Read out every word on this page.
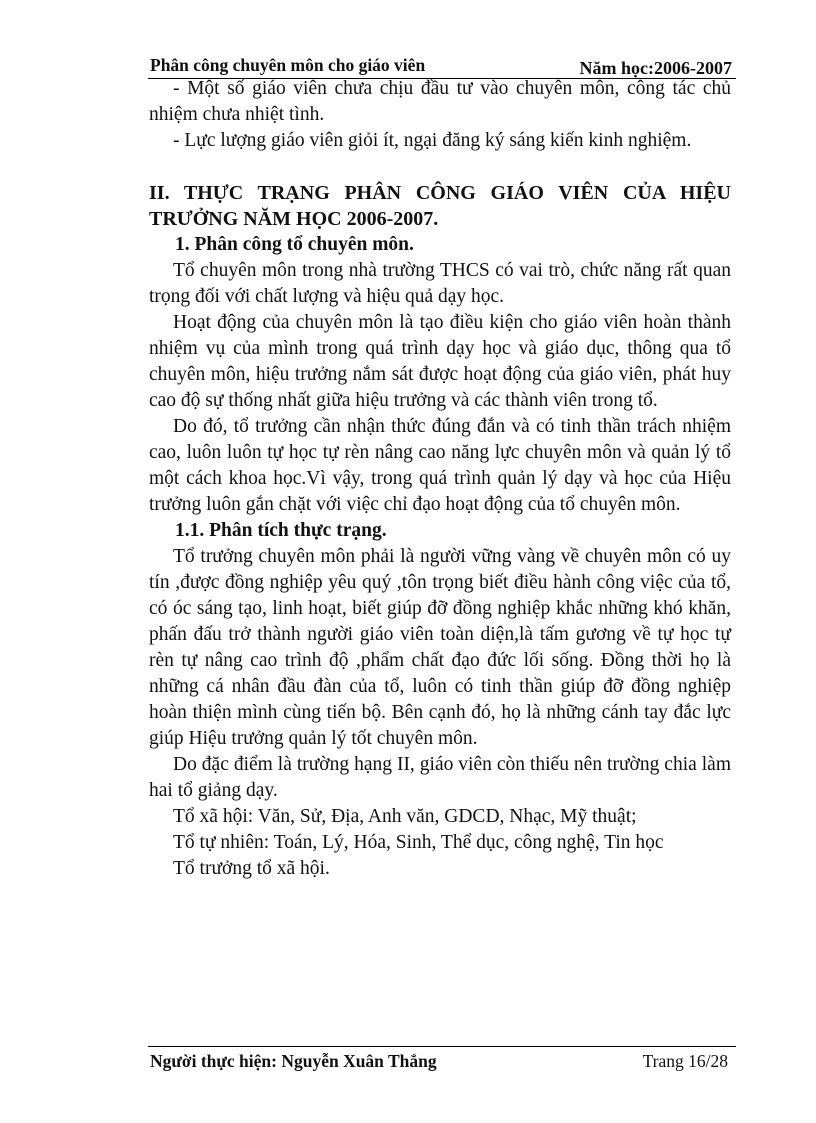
Phân công chuyên môn cho giáo viên	Năm học:2006-2007

- Một số giáo viên chưa chịu đầu tư vào chuyên môn, công tác chủ nhiệm chưa nhiệt tình.

- Lực lượng giáo viên giỏi ít, ngại đăng ký sáng kiến kinh nghiệm.

II. THỰC TRẠNG PHÂN CÔNG GIÁO VIÊN CỦA HIỆU TRƯỞNG NĂM HỌC 2006-2007.

1. Phân công tổ chuyên môn.

Tổ chuyên môn trong nhà trường THCS có vai trò, chức năng rất quan trọng đối với chất lượng và hiệu quả dạy học.

Hoạt động của chuyên môn là tạo điều kiện cho giáo viên hoàn thành nhiệm vụ của mình trong quá trình dạy học và giáo dục, thông qua tổ chuyên môn, hiệu trưởng nắm sát được hoạt động của giáo viên, phát huy cao độ sự thống nhất giữa hiệu trưởng và các thành viên trong tổ.

Do đó, tổ trưởng cần nhận thức đúng đắn và có tinh thần trách nhiệm cao, luôn luôn tự học tự rèn nâng cao năng lực chuyên môn và quản lý tổ một cách khoa học.Vì vậy, trong quá trình quản lý dạy và học của Hiệu trưởng luôn gắn chặt với việc chỉ đạo hoạt động của tổ chuyên môn.

1.1. Phân tích thực trạng.

Tổ trưởng chuyên môn phải là người vững vàng về chuyên môn có uy tín ,được đồng nghiệp yêu quý ,tôn trọng biết điều hành công việc của tổ, có óc sáng tạo, linh hoạt, biết giúp đỡ đồng nghiệp khắc những khó khăn, phấn đấu trở thành người giáo viên toàn diện,là tấm gương về tự học tự rèn tự nâng cao trình độ ,phẩm chất đạo đức lối sống. Đồng thời họ là những cá nhân đầu đàn của tổ, luôn có tinh thần giúp đỡ đồng nghiệp hoàn thiện mình cùng tiến bộ. Bên cạnh đó, họ là những cánh tay đắc lực giúp Hiệu trưởng quản lý tốt chuyên môn.

Do đặc điểm là trường hạng II, giáo viên còn thiếu nên trường chia làm hai tổ giảng dạy.

Tổ xã hội: Văn, Sử, Địa, Anh văn, GDCD, Nhạc, Mỹ thuật;

Tổ tự nhiên: Toán, Lý, Hóa, Sinh, Thể dục, công nghệ, Tin học

Tổ trưởng tổ xã hội.

Người thực hiện: Nguyễn Xuân Thắng	Trang 16/28
